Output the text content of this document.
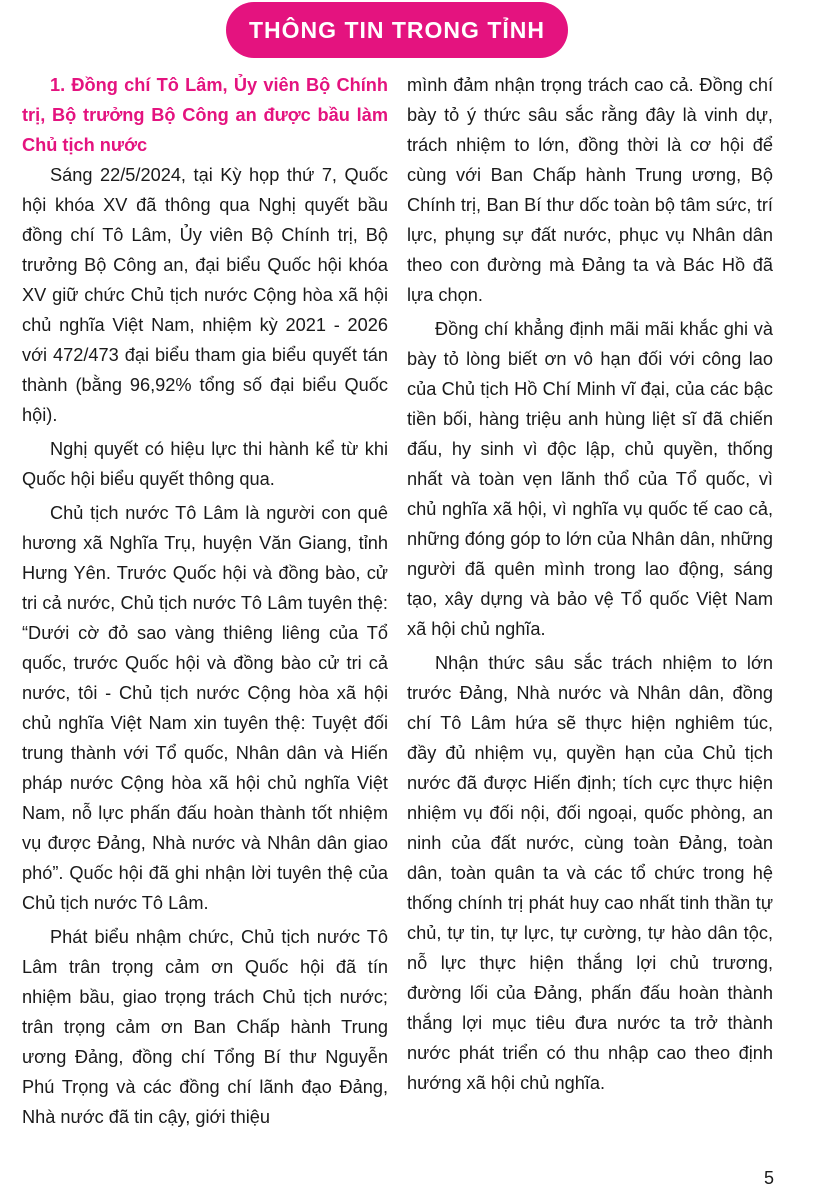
THÔNG TIN TRONG TỈNH

1. Đồng chí Tô Lâm, Ủy viên Bộ Chính trị, Bộ trưởng Bộ Công an được bầu làm Chủ tịch nước

Sáng 22/5/2024, tại Kỳ họp thứ 7, Quốc hội khóa XV đã thông qua Nghị quyết bầu đồng chí Tô Lâm, Ủy viên Bộ Chính trị, Bộ trưởng Bộ Công an, đại biểu Quốc hội khóa XV giữ chức Chủ tịch nước Cộng hòa xã hội chủ nghĩa Việt Nam, nhiệm kỳ 2021 - 2026 với 472/473 đại biểu tham gia biểu quyết tán thành (bằng 96,92% tổng số đại biểu Quốc hội).

Nghị quyết có hiệu lực thi hành kể từ khi Quốc hội biểu quyết thông qua.

Chủ tịch nước Tô Lâm là người con quê hương xã Nghĩa Trụ, huyện Văn Giang, tỉnh Hưng Yên. Trước Quốc hội và đồng bào, cử tri cả nước, Chủ tịch nước Tô Lâm tuyên thệ: “Dưới cờ đỏ sao vàng thiêng liêng của Tổ quốc, trước Quốc hội và đồng bào cử tri cả nước, tôi - Chủ tịch nước Cộng hòa xã hội chủ nghĩa Việt Nam xin tuyên thệ: Tuyệt đối trung thành với Tổ quốc, Nhân dân và Hiến pháp nước Cộng hòa xã hội chủ nghĩa Việt Nam, nỗ lực phấn đấu hoàn thành tốt nhiệm vụ được Đảng, Nhà nước và Nhân dân giao phó”. Quốc hội đã ghi nhận lời tuyên thệ của Chủ tịch nước Tô Lâm.

Phát biểu nhậm chức, Chủ tịch nước Tô Lâm trân trọng cảm ơn Quốc hội đã tín nhiệm bầu, giao trọng trách Chủ tịch nước; trân trọng cảm ơn Ban Chấp hành Trung ương Đảng, đồng chí Tổng Bí thư Nguyễn Phú Trọng và các đồng chí lãnh đạo Đảng, Nhà nước đã tin cậy, giới thiệu

mình đảm nhận trọng trách cao cả. Đồng chí bày tỏ ý thức sâu sắc rằng đây là vinh dự, trách nhiệm to lớn, đồng thời là cơ hội để cùng với Ban Chấp hành Trung ương, Bộ Chính trị, Ban Bí thư dốc toàn bộ tâm sức, trí lực, phụng sự đất nước, phục vụ Nhân dân theo con đường mà Đảng ta và Bác Hồ đã lựa chọn.

Đồng chí khẳng định mãi mãi khắc ghi và bày tỏ lòng biết ơn vô hạn đối với công lao của Chủ tịch Hồ Chí Minh vĩ đại, của các bậc tiền bối, hàng triệu anh hùng liệt sĩ đã chiến đấu, hy sinh vì độc lập, chủ quyền, thống nhất và toàn vẹn lãnh thổ của Tổ quốc, vì chủ nghĩa xã hội, vì nghĩa vụ quốc tế cao cả, những đóng góp to lớn của Nhân dân, những người đã quên mình trong lao động, sáng tạo, xây dựng và bảo vệ Tổ quốc Việt Nam xã hội chủ nghĩa.

Nhận thức sâu sắc trách nhiệm to lớn trước Đảng, Nhà nước và Nhân dân, đồng chí Tô Lâm hứa sẽ thực hiện nghiêm túc, đầy đủ nhiệm vụ, quyền hạn của Chủ tịch nước đã được Hiến định; tích cực thực hiện nhiệm vụ đối nội, đối ngoại, quốc phòng, an ninh của đất nước, cùng toàn Đảng, toàn dân, toàn quân ta và các tổ chức trong hệ thống chính trị phát huy cao nhất tinh thần tự chủ, tự tin, tự lực, tự cường, tự hào dân tộc, nỗ lực thực hiện thắng lợi chủ trương, đường lối của Đảng, phấn đấu hoàn thành thắng lợi mục tiêu đưa nước ta trở thành nước phát triển có thu nhập cao theo định hướng xã hội chủ nghĩa.

5
